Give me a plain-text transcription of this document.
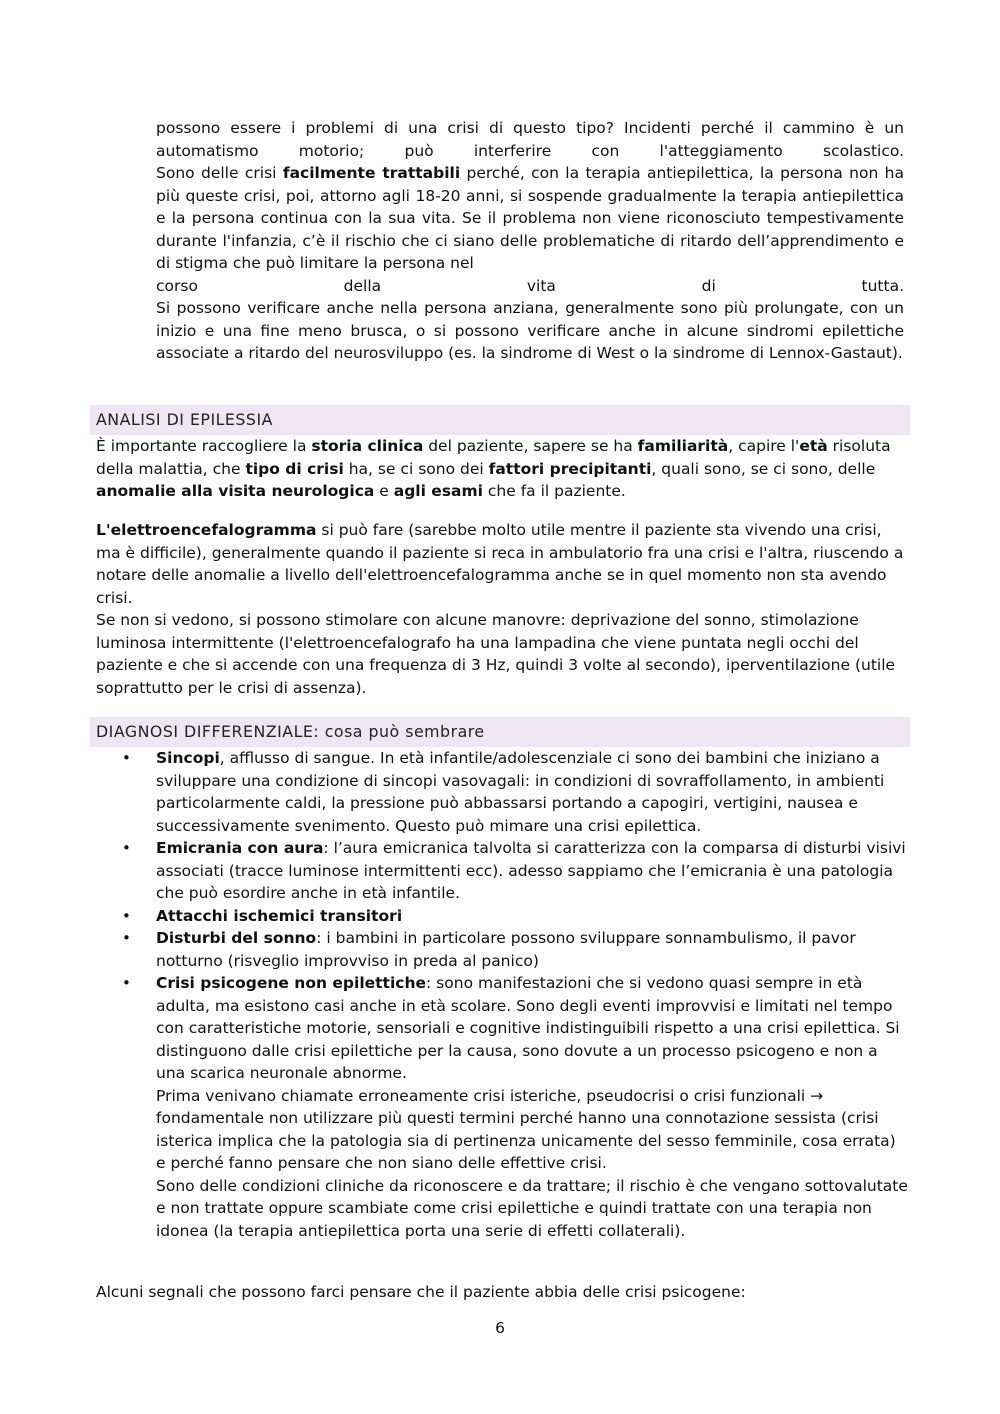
possono essere i problemi di una crisi di questo tipo? Incidenti perché il cammino è un

automatismo motorio; può interferire con l'atteggiamento scolastico.

Sono delle crisi facilmente trattabili perché, con la terapia antiepilettica, la persona non ha più queste crisi, poi, attorno agli 18-20 anni, si sospende gradualmente la terapia antiepilettica e la persona continua con la sua vita. Se il problema non viene riconosciuto tempestivamente durante l'infanzia, c’è il rischio che ci siano delle problematiche di ritardo dell’apprendimento e di stigma che può limitare la persona nel

corso della vita di tutta.

Si possono verificare anche nella persona anziana, generalmente sono più prolungate, con un inizio e una fine meno brusca, o si possono verificare anche in alcune sindromi epilettiche associate a ritardo del neurosviluppo (es. la sindrome di West o la sindrome di Lennox-Gastaut).

ANALISI DI EPILESSIA

È importante raccogliere la storia clinica del paziente, sapere se ha familiarità, capire l'età risoluta della malattia, che tipo di crisi ha, se ci sono dei fattori precipitanti, quali sono, se ci sono, delle anomalie alla visita neurologica e agli esami che fa il paziente.

L'elettroencefalogramma si può fare (sarebbe molto utile mentre il paziente sta vivendo una crisi, ma è difficile), generalmente quando il paziente si reca in ambulatorio fra una crisi e l'altra, riuscendo a notare delle anomalie a livello dell'elettroencefalogramma anche se in quel momento non sta avendo crisi.

Se non si vedono, si possono stimolare con alcune manovre: deprivazione del sonno, stimolazione luminosa intermittente (l'elettroencefalografo ha una lampadina che viene puntata negli occhi del paziente e che si accende con una frequenza di 3 Hz, quindi 3 volte al secondo), iperventilazione (utile soprattutto per le crisi di assenza).

DIAGNOSI DIFFERENZIALE: cosa può sembrare
• Sincopi, afflusso di sangue. In età infantile/adolescenziale ci sono dei bambini che iniziano a sviluppare una condizione di sincopi vasovagali: in condizioni di sovraffollamento, in ambienti particolarmente caldi, la pressione può abbassarsi portando a capogiri, vertigini, nausea e successivamente svenimento. Questo può mimare una crisi epilettica.
• Emicrania con aura: l’aura emicranica talvolta si caratterizza con la comparsa di disturbi visivi associati (tracce luminose intermittenti ecc). adesso sappiamo che l’emicrania è una patologia che può esordire anche in età infantile.
• Attacchi ischemici transitori
• Disturbi del sonno: i bambini in particolare possono sviluppare sonnambulismo, il pavor notturno (risveglio improvviso in preda al panico)
• Crisi psicogene non epilettiche: sono manifestazioni che si vedono quasi sempre in età adulta, ma esistono casi anche in età scolare. Sono degli eventi improvvisi e limitati nel tempo con caratteristiche motorie, sensoriali e cognitive indistinguibili rispetto a una crisi epilettica. Si distinguono dalle crisi epilettiche per la causa, sono dovute a un processo psicogeno e non a una scarica neuronale abnorme.

Prima venivano chiamate erroneamente crisi isteriche, pseudocrisi o crisi funzionali → fondamentale non utilizzare più questi termini perché hanno una connotazione sessista (crisi isterica implica che la patologia sia di pertinenza unicamente del sesso femminile, cosa errata) e perché fanno pensare che non siano delle effettive crisi.

Sono delle condizioni cliniche da riconoscere e da trattare; il rischio è che vengano sottovalutate e non trattate oppure scambiate come crisi epilettiche e quindi trattate con una terapia non idonea (la terapia antiepilettica porta una serie di effetti collaterali).

Alcuni segnali che possono farci pensare che il paziente abbia delle crisi psicogene:

6
